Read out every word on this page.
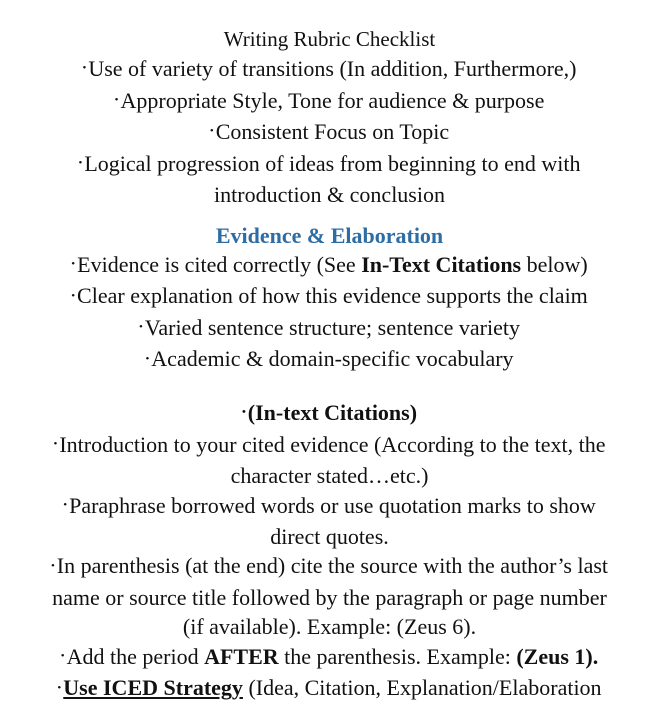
Writing Rubric Checklist

•Use of variety of transitions (In addition, Furthermore,)

•Appropriate Style, Tone for audience & purpose

•Consistent Focus on Topic

•Logical progression of ideas from beginning to end with

introduction & conclusion

Evidence & Elaboration

•Evidence is cited correctly (See In-Text Citations below)

•Clear explanation of how this evidence supports the claim

•Varied sentence structure; sentence variety

•Academic & domain-specific vocabulary

•(In-text Citations)

•Introduction to your cited evidence (According to the text, the

character stated…etc.)

•Paraphrase borrowed words or use quotation marks to show

direct quotes.

•In parenthesis (at the end) cite the source with the author’s last

name or source title followed by the paragraph or page number

(if available). Example: (Zeus 6).

•Add the period AFTER the parenthesis. Example: (Zeus 1).

•Use ICED Strategy (Idea, Citation, Explanation/Elaboration
